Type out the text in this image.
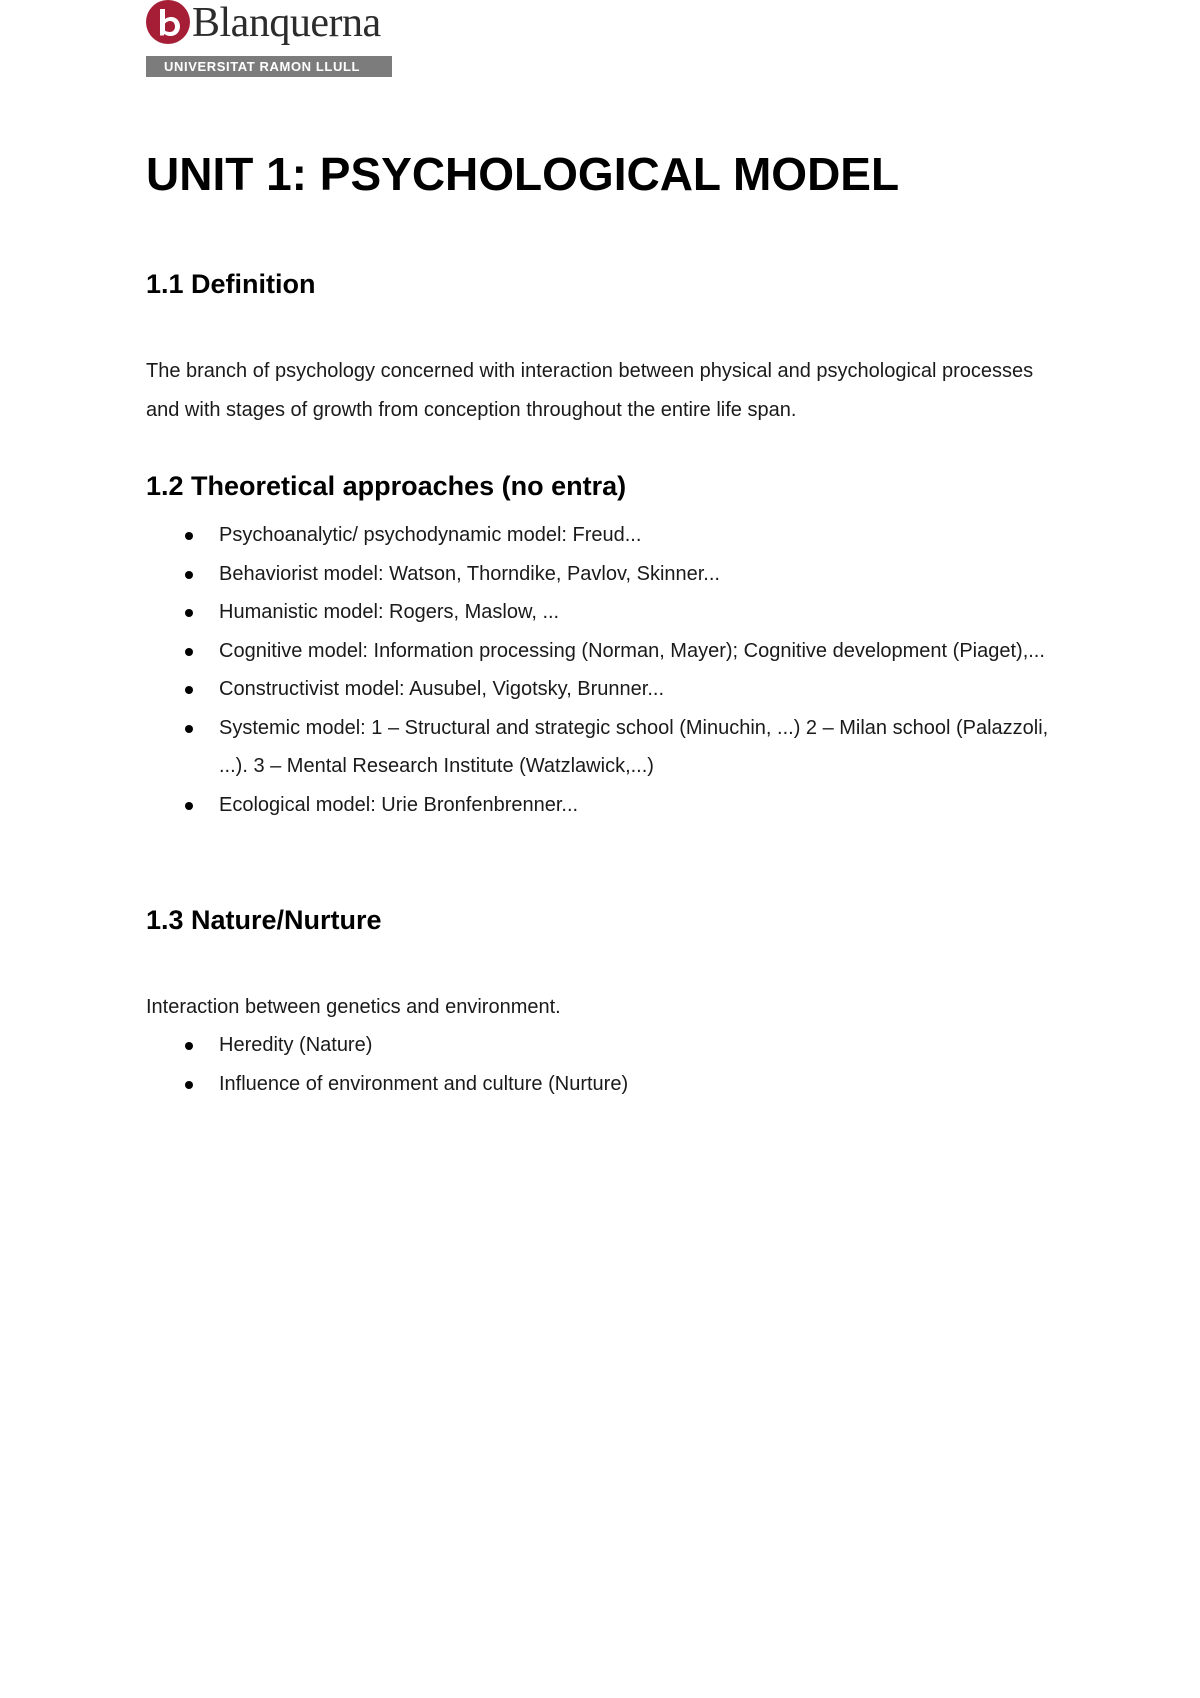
Blanquerna
UNIVERSITAT RAMON LLULL
UNIT 1: PSYCHOLOGICAL MODEL
1.1 Definition

The branch of psychology concerned with interaction between physical and psychological processes and with stages of growth from conception throughout the entire life span.

1.2 Theoretical approaches (no entra)
Psychoanalytic/ psychodynamic model: Freud...
Behaviorist model: Watson, Thorndike, Pavlov, Skinner...
Humanistic model: Rogers, Maslow, ...
Cognitive model: Information processing (Norman, Mayer); Cognitive development (Piaget),...
Constructivist model: Ausubel, Vigotsky, Brunner...
Systemic model: 1 – Structural and strategic school (Minuchin, ...) 2 – Milan school (Palazzoli, ...). 3 – Mental Research Institute (Watzlawick,...)
Ecological model: Urie Bronfenbrenner...
1.3 Nature/Nurture

Interaction between genetics and environment.

Heredity (Nature)
Influence of environment and culture (Nurture)
